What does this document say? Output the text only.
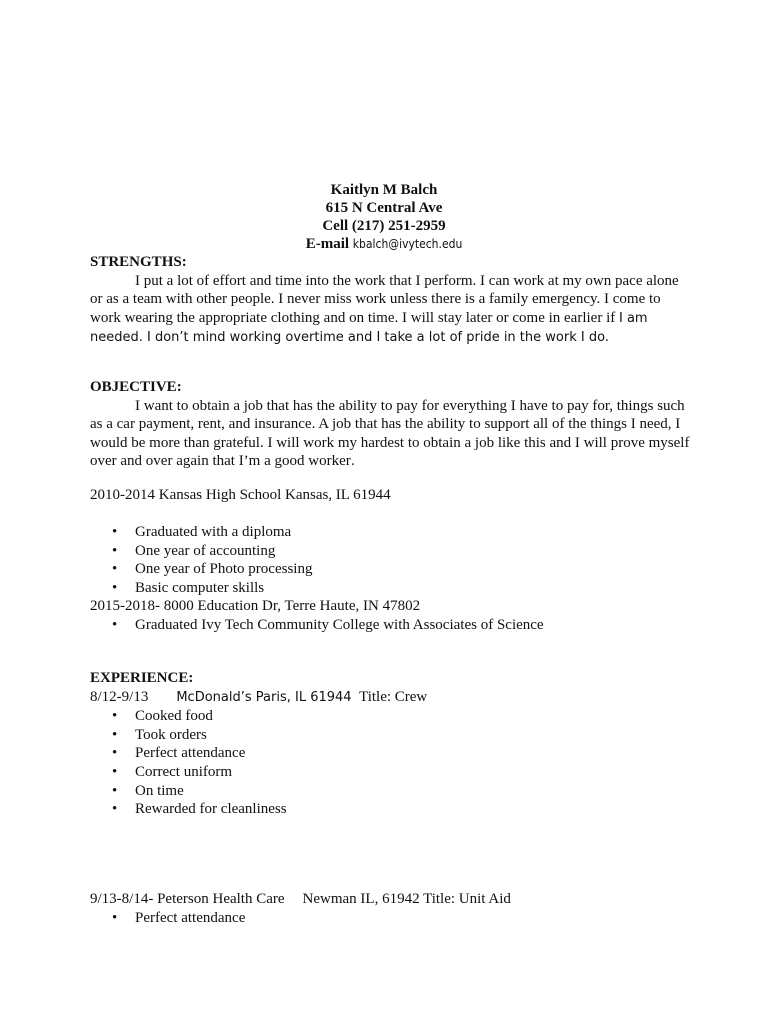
Kaitlyn M Balch
615 N Central Ave
Cell (217) 251-2959
E-mail kbalch@ivytech.edu
STRENGTHS:

I put a lot of effort and time into the work that I perform. I can work at my own pace alone or as a team with other people. I never miss work unless there is a family emergency. I come to work wearing the appropriate clothing and on time. I will stay later or come in earlier if I am needed. I don’t mind working overtime and I take a lot of pride in the work I do.

OBJECTIVE:

I want to obtain a job that has the ability to pay for everything I have to pay for, things such as a car payment, rent, and insurance. A job that has the ability to support all of the things I need, I would be more than grateful. I will work my hardest to obtain a job like this and I will prove myself over and over again that I’m a good worker.

2010-2014 Kansas High School Kansas, IL 61944
• Graduated with a diploma
• One year of accounting
• One year of Photo processing
• Basic computer skills
2015-2018- 8000 Education Dr, Terre Haute, IN 47802
• Graduated Ivy Tech Community College with Associates of Science
EXPERIENCE:
8/12-9/13 McDonald’s Paris, IL 61944 Title: Crew
• Cooked food
• Took orders
• Perfect attendance
• Correct uniform
• On time
• Rewarded for cleanliness
9/13-8/14- Peterson Health Care Newman IL, 61942 Title: Unit Aid
• Perfect attendance
